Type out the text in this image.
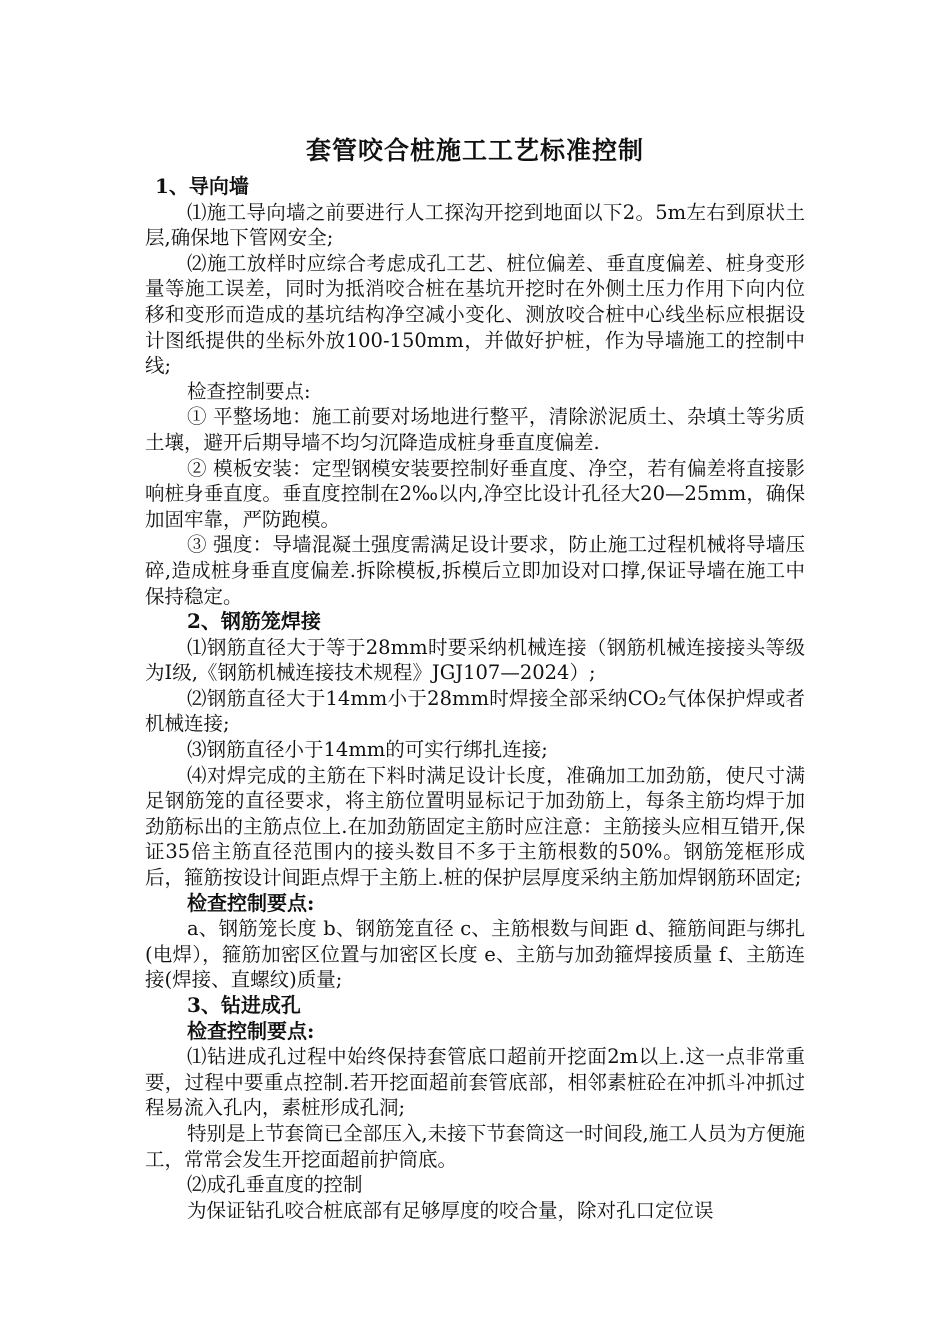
套管咬合桩施工工艺标准控制

1、导向墙

⑴施工导向墙之前要进行人工探沟开挖到地面以下2。5m左右到原状土层,确保地下管网安全;

⑵施工放样时应综合考虑成孔工艺、桩位偏差、垂直度偏差、桩身变形量等施工误差，同时为抵消咬合桩在基坑开挖时在外侧土压力作用下向内位移和变形而造成的基坑结构净空减小变化、测放咬合桩中心线坐标应根据设计图纸提供的坐标外放100-150mm，并做好护桩，作为导墙施工的控制中线;

检查控制要点:

① 平整场地：施工前要对场地进行整平，清除淤泥质土、杂填土等劣质土壤，避开后期导墙不均匀沉降造成桩身垂直度偏差.

② 模板安装：定型钢模安装要控制好垂直度、净空，若有偏差将直接影响桩身垂直度。垂直度控制在2‰以内,净空比设计孔径大20—25mm，确保加固牢靠，严防跑模。

③ 强度：导墙混凝土强度需满足设计要求，防止施工过程机械将导墙压碎,造成桩身垂直度偏差.拆除模板,拆模后立即加设对口撑,保证导墙在施工中保持稳定。

2、钢筋笼焊接

⑴钢筋直径大于等于28mm时要采纳机械连接（钢筋机械连接接头等级为Ⅰ级,《钢筋机械连接技术规程》JGJ107—2024）;

⑵钢筋直径大于14mm小于28mm时焊接全部采纳CO₂气体保护焊或者机械连接;

⑶钢筋直径小于14mm的可实行绑扎连接;

⑷对焊完成的主筋在下料时满足设计长度，准确加工加劲筋，使尺寸满足钢筋笼的直径要求，将主筋位置明显标记于加劲筋上，每条主筋均焊于加劲筋标出的主筋点位上.在加劲筋固定主筋时应注意：主筋接头应相互错开,保证35倍主筋直径范围内的接头数目不多于主筋根数的50%。钢筋笼框形成后，箍筋按设计间距点焊于主筋上.桩的保护层厚度采纳主筋加焊钢筋环固定;

检查控制要点:

a、钢筋笼长度 b、钢筋笼直径 c、主筋根数与间距 d、箍筋间距与绑扎(电焊），箍筋加密区位置与加密区长度 e、主筋与加劲箍焊接质量 f、主筋连接(焊接、直螺纹)质量;

3、钻进成孔

检查控制要点:

⑴钻进成孔过程中始终保持套管底口超前开挖面2m以上.这一点非常重要，过程中要重点控制.若开挖面超前套管底部，相邻素桩砼在冲抓斗冲抓过程易流入孔内，素桩形成孔洞;

特别是上节套筒已全部压入,未接下节套筒这一时间段,施工人员为方便施工，常常会发生开挖面超前护筒底。

⑵成孔垂直度的控制

为保证钻孔咬合桩底部有足够厚度的咬合量，除对孔口定位误
